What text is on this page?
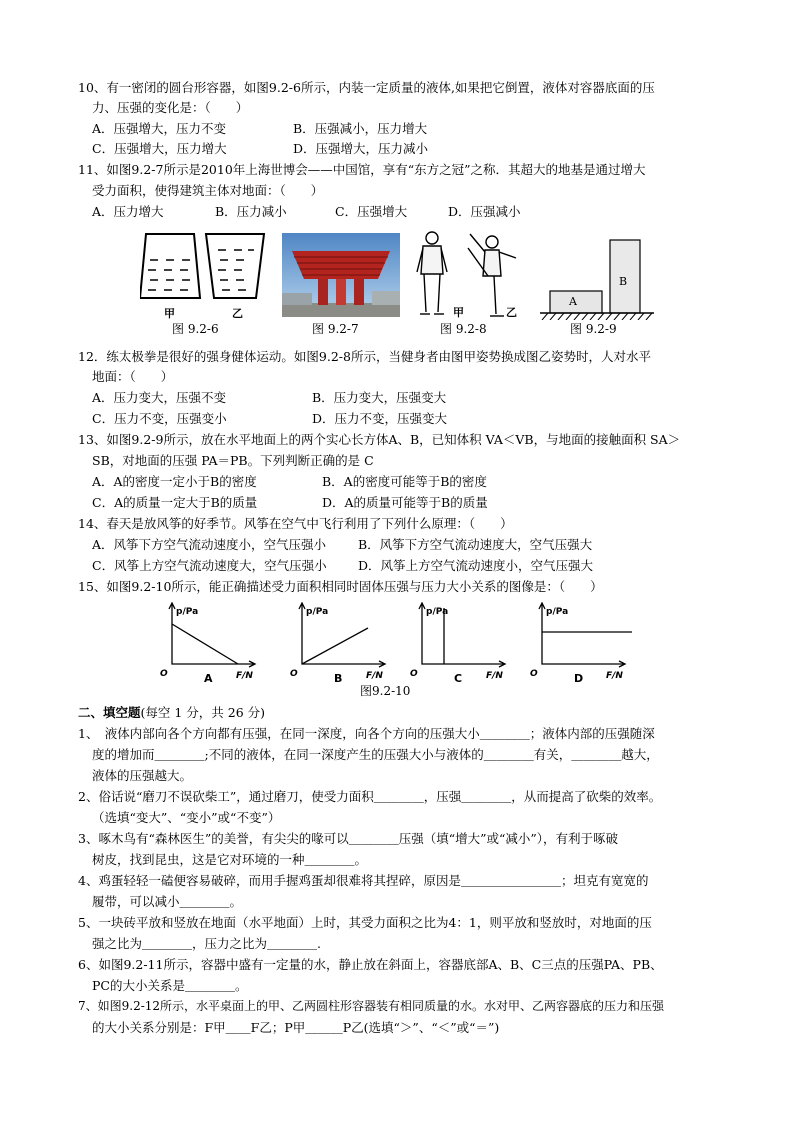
10、有一密闭的圆台形容器，如图9.2-6所示，内装一定质量的液体,如果把它倒置，液体对容器底面的压
力、压强的变化是：（　　）
A．压强增大，压力不变	B．压强减小，压力增大
C．压强增大，压力增大	D．压强增大，压力减小
11、如图9.2-7所示是2010年上海世博会——中国馆，享有“东方之冠”之称．其超大的地基是通过增大
受力面积，使得建筑主体对地面：（　　）
A．压力增大	B．压力减小	C．压强增大	D．压强减小
甲	乙
图 9.2-6	图 9.2-7
甲	乙
图 9.2-8
A
B
图 9.2-9
12．练太极拳是很好的强身健体运动。如图9.2-8所示，当健身者由图甲姿势换成图乙姿势时，人对水平
地面：（　　）
A．压力变大，压强不变	B．压力变大，压强变大
C．压力不变，压强变小	D．压力不变，压强变大
13、如图9.2-9所示，放在水平地面上的两个实心长方体A、B，已知体积 VA＜VB，与地面的接触面积 SA＞
SB，对地面的压强 PA＝PB。下列判断正确的是 C
A．A的密度一定小于B的密度	B．A的密度可能等于B的密度
C．A的质量一定大于B的质量	D．A的质量可能等于B的质量
14、春天是放风筝的好季节。风筝在空气中飞行利用了下列什么原理：（　　）
A．风筝下方空气流动速度小，空气压强小	B．风筝下方空气流动速度大，空气压强大
C．风筝上方空气流动速度大，空气压强小	D．风筝上方空气流动速度小，空气压强大
15、如图9.2-10所示，能正确描述受力面积相同时固体压强与压力大小关系的图像是：（　　）
p/Pa
F/N
O	A
p/Pa
F/N
O	B
p/Pa
F/N
O	C
p/Pa
F/N
O	D
图9.2-10
二、填空题(每空 1 分，共 26 分)
1、　液体内部向各个方向都有压强，在同一深度，向各个方向的压强大小＿＿＿＿；液体内部的压强随深
度的增加而＿＿＿＿;不同的液体，在同一深度产生的压强大小与液体的＿＿＿＿有关，＿＿＿＿越大，
液体的压强越大。
2、俗话说“磨刀不误砍柴工”，通过磨刀，使受力面积＿＿＿＿，压强＿＿＿＿，从而提高了砍柴的效率。
（选填“变大”、“变小”或“不变”）
3、啄木鸟有“森林医生”的美誉，有尖尖的喙可以＿＿＿＿压强（填“增大”或“减小”），有利于啄破
树皮，找到昆虫，这是它对环境的一种＿＿＿＿。
4、鸡蛋轻轻一磕便容易破碎，而用手握鸡蛋却很难将其捏碎，原因是＿＿＿＿＿＿＿＿；坦克有宽宽的
履带，可以减小＿＿＿＿。
5、一块砖平放和竖放在地面（水平地面）上时，其受力面积之比为4：1，则平放和竖放时，对地面的压
强之比为＿＿＿＿，压力之比为＿＿＿＿.
6、如图9.2-11所示，容器中盛有一定量的水，静止放在斜面上，容器底部A、B、C三点的压强PA、PB、
PC的大小关系是＿＿＿＿。
7、如图9.2-12所示，水平桌面上的甲、乙两圆柱形容器装有相同质量的水。水对甲、乙两容器底的压力和压强
的大小关系分别是：F甲＿＿F乙；P甲＿＿＿P乙(选填“＞”、“＜”或“＝”)
